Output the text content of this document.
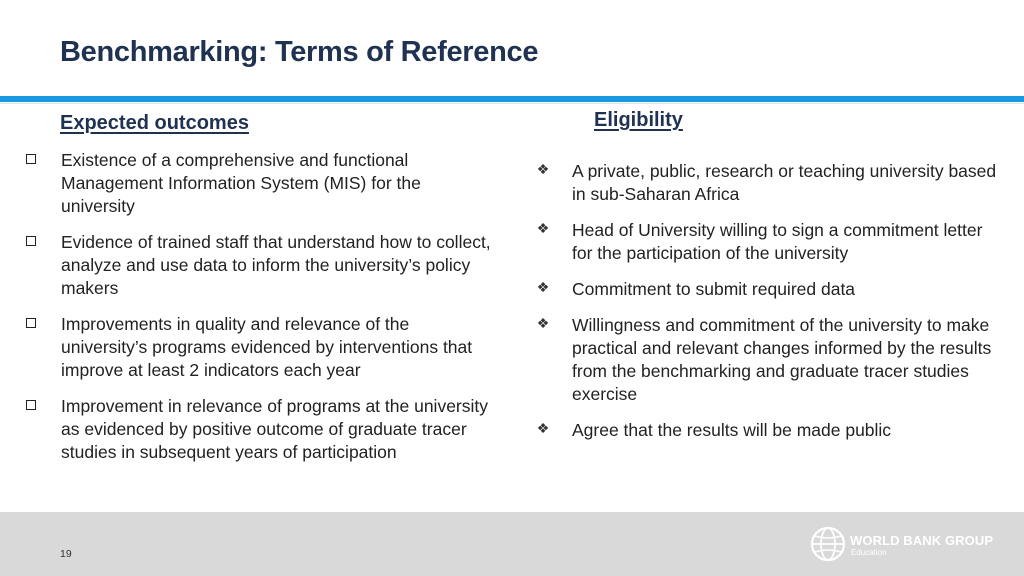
Benchmarking: Terms of Reference
Expected outcomes
Existence of a comprehensive and functional Management Information System (MIS) for the university
Evidence of trained staff that understand how to collect, analyze and use data to inform the university’s policy makers
Improvements in quality and relevance of the university’s programs evidenced by interventions that improve at least 2 indicators each year
Improvement in relevance of programs at the university as evidenced by positive outcome of graduate tracer studies in subsequent years of participation
Eligibility
❖ A private, public, research or teaching university based in sub-Saharan Africa
❖ Head of University willing to sign a commitment letter for the participation of the university
❖ Commitment to submit required data
❖ Willingness and commitment of the university to make practical and relevant changes informed by the results from the benchmarking and graduate tracer studies exercise
❖ Agree that the results will be made public
19
WORLD BANK GROUP
Education
